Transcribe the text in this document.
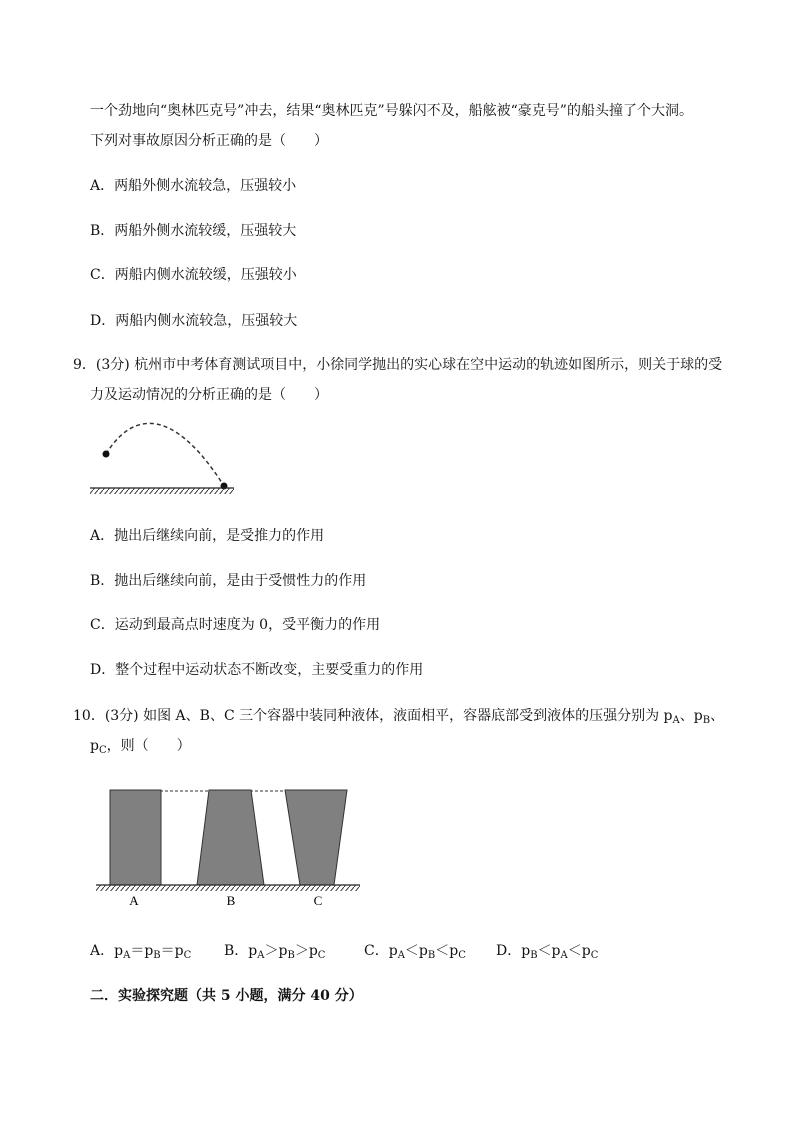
一个劲地向“奥林匹克号”冲去，结果“奥林匹克”号躲闪不及，船舷被“豪克号”的船头撞了个大洞。
下列对事故原因分析正确的是（　　）
A．两船外侧水流较急，压强较小
B．两船外侧水流较缓，压强较大
C．两船内侧水流较缓，压强较小
D．两船内侧水流较急，压强较大
9．(3分) 杭州市中考体育测试项目中，小徐同学抛出的实心球在空中运动的轨迹如图所示，则关于球的受
力及运动情况的分析正确的是（　　）
A．抛出后继续向前，是受推力的作用
B．抛出后继续向前，是由于受惯性力的作用
C．运动到最高点时速度为 0，受平衡力的作用
D．整个过程中运动状态不断改变，主要受重力的作用
10．(3分) 如图 A、B、C 三个容器中装同种液体，液面相平，容器底部受到液体的压强分别为 $p_A$、$p_B$、
$p_C$，则（　　）
A	B	C
A．$p_A=p_B=p_C$ B．$p_A>p_B>p_C$	C．$p_A<p_B<p_C$ D．$p_B<p_A<p_C$
二．实验探究题（共 5 小题，满分 40 分）
